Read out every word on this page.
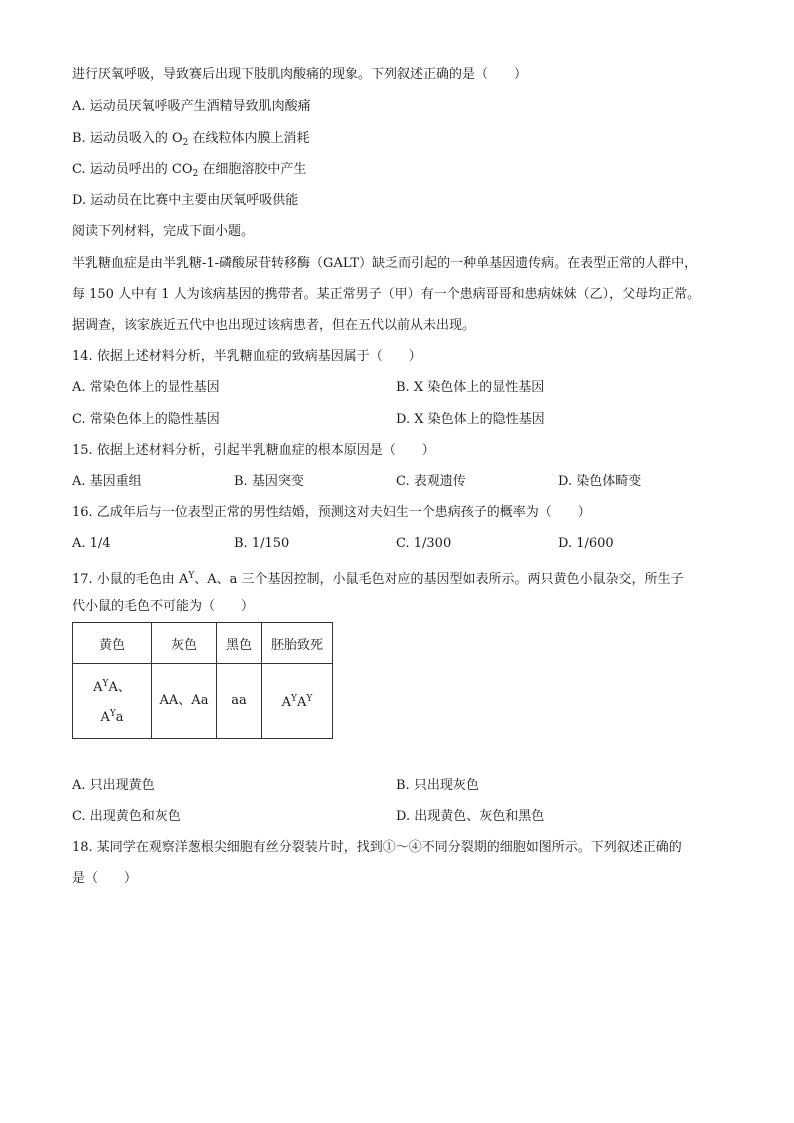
进行厌氧呼吸，导致赛后出现下肢肌肉酸痛的现象。下列叙述正确的是（　　）
A. 运动员厌氧呼吸产生酒精导致肌肉酸痛
B. 运动员吸入的 $O_2$ 在线粒体内膜上消耗
C. 运动员呼出的 $CO_2$ 在细胞溶胶中产生
D. 运动员在比赛中主要由厌氧呼吸供能
阅读下列材料，完成下面小题。
半乳糖血症是由半乳糖-1-磷酸尿苷转移酶（GALT）缺乏而引起的一种单基因遗传病。在表型正常的人群中，
每 150 人中有 1 人为该病基因的携带者。某正常男子（甲）有一个患病哥哥和患病妹妹（乙），父母均正常。
据调查，该家族近五代中也出现过该病患者，但在五代以前从未出现。
14. 依据上述材料分析，半乳糖血症的致病基因属于（　　）
A. 常染色体上的显性基因	B. X 染色体上的显性基因
C. 常染色体上的隐性基因	D. X 染色体上的隐性基因
15. 依据上述材料分析，引起半乳糖血症的根本原因是（　　）
A. 基因重组	B. 基因突变	C. 表观遗传	D. 染色体畸变
16. 乙成年后与一位表型正常的男性结婚，预测这对夫妇生一个患病孩子的概率为（　　）
A. 1/4	B. 1/150	C. 1/300	D. 1/600
17. 小鼠的毛色由 $A^Y$、A、a 三个基因控制，小鼠毛色对应的基因型如表所示。两只黄色小鼠杂交，所生子
代小鼠的毛色不可能为（　　）
黄色	灰色	黑色	胚胎致死

$A^YA$、
$A^Ya$	AA、Aa	aa	$A^YA^Y$
A. 只出现黄色	B. 只出现灰色
C. 出现黄色和灰色	D. 出现黄色、灰色和黑色
18. 某同学在观察洋葱根尖细胞有丝分裂装片时，找到①～④不同分裂期的细胞如图所示。下列叙述正确的
是（　　）
